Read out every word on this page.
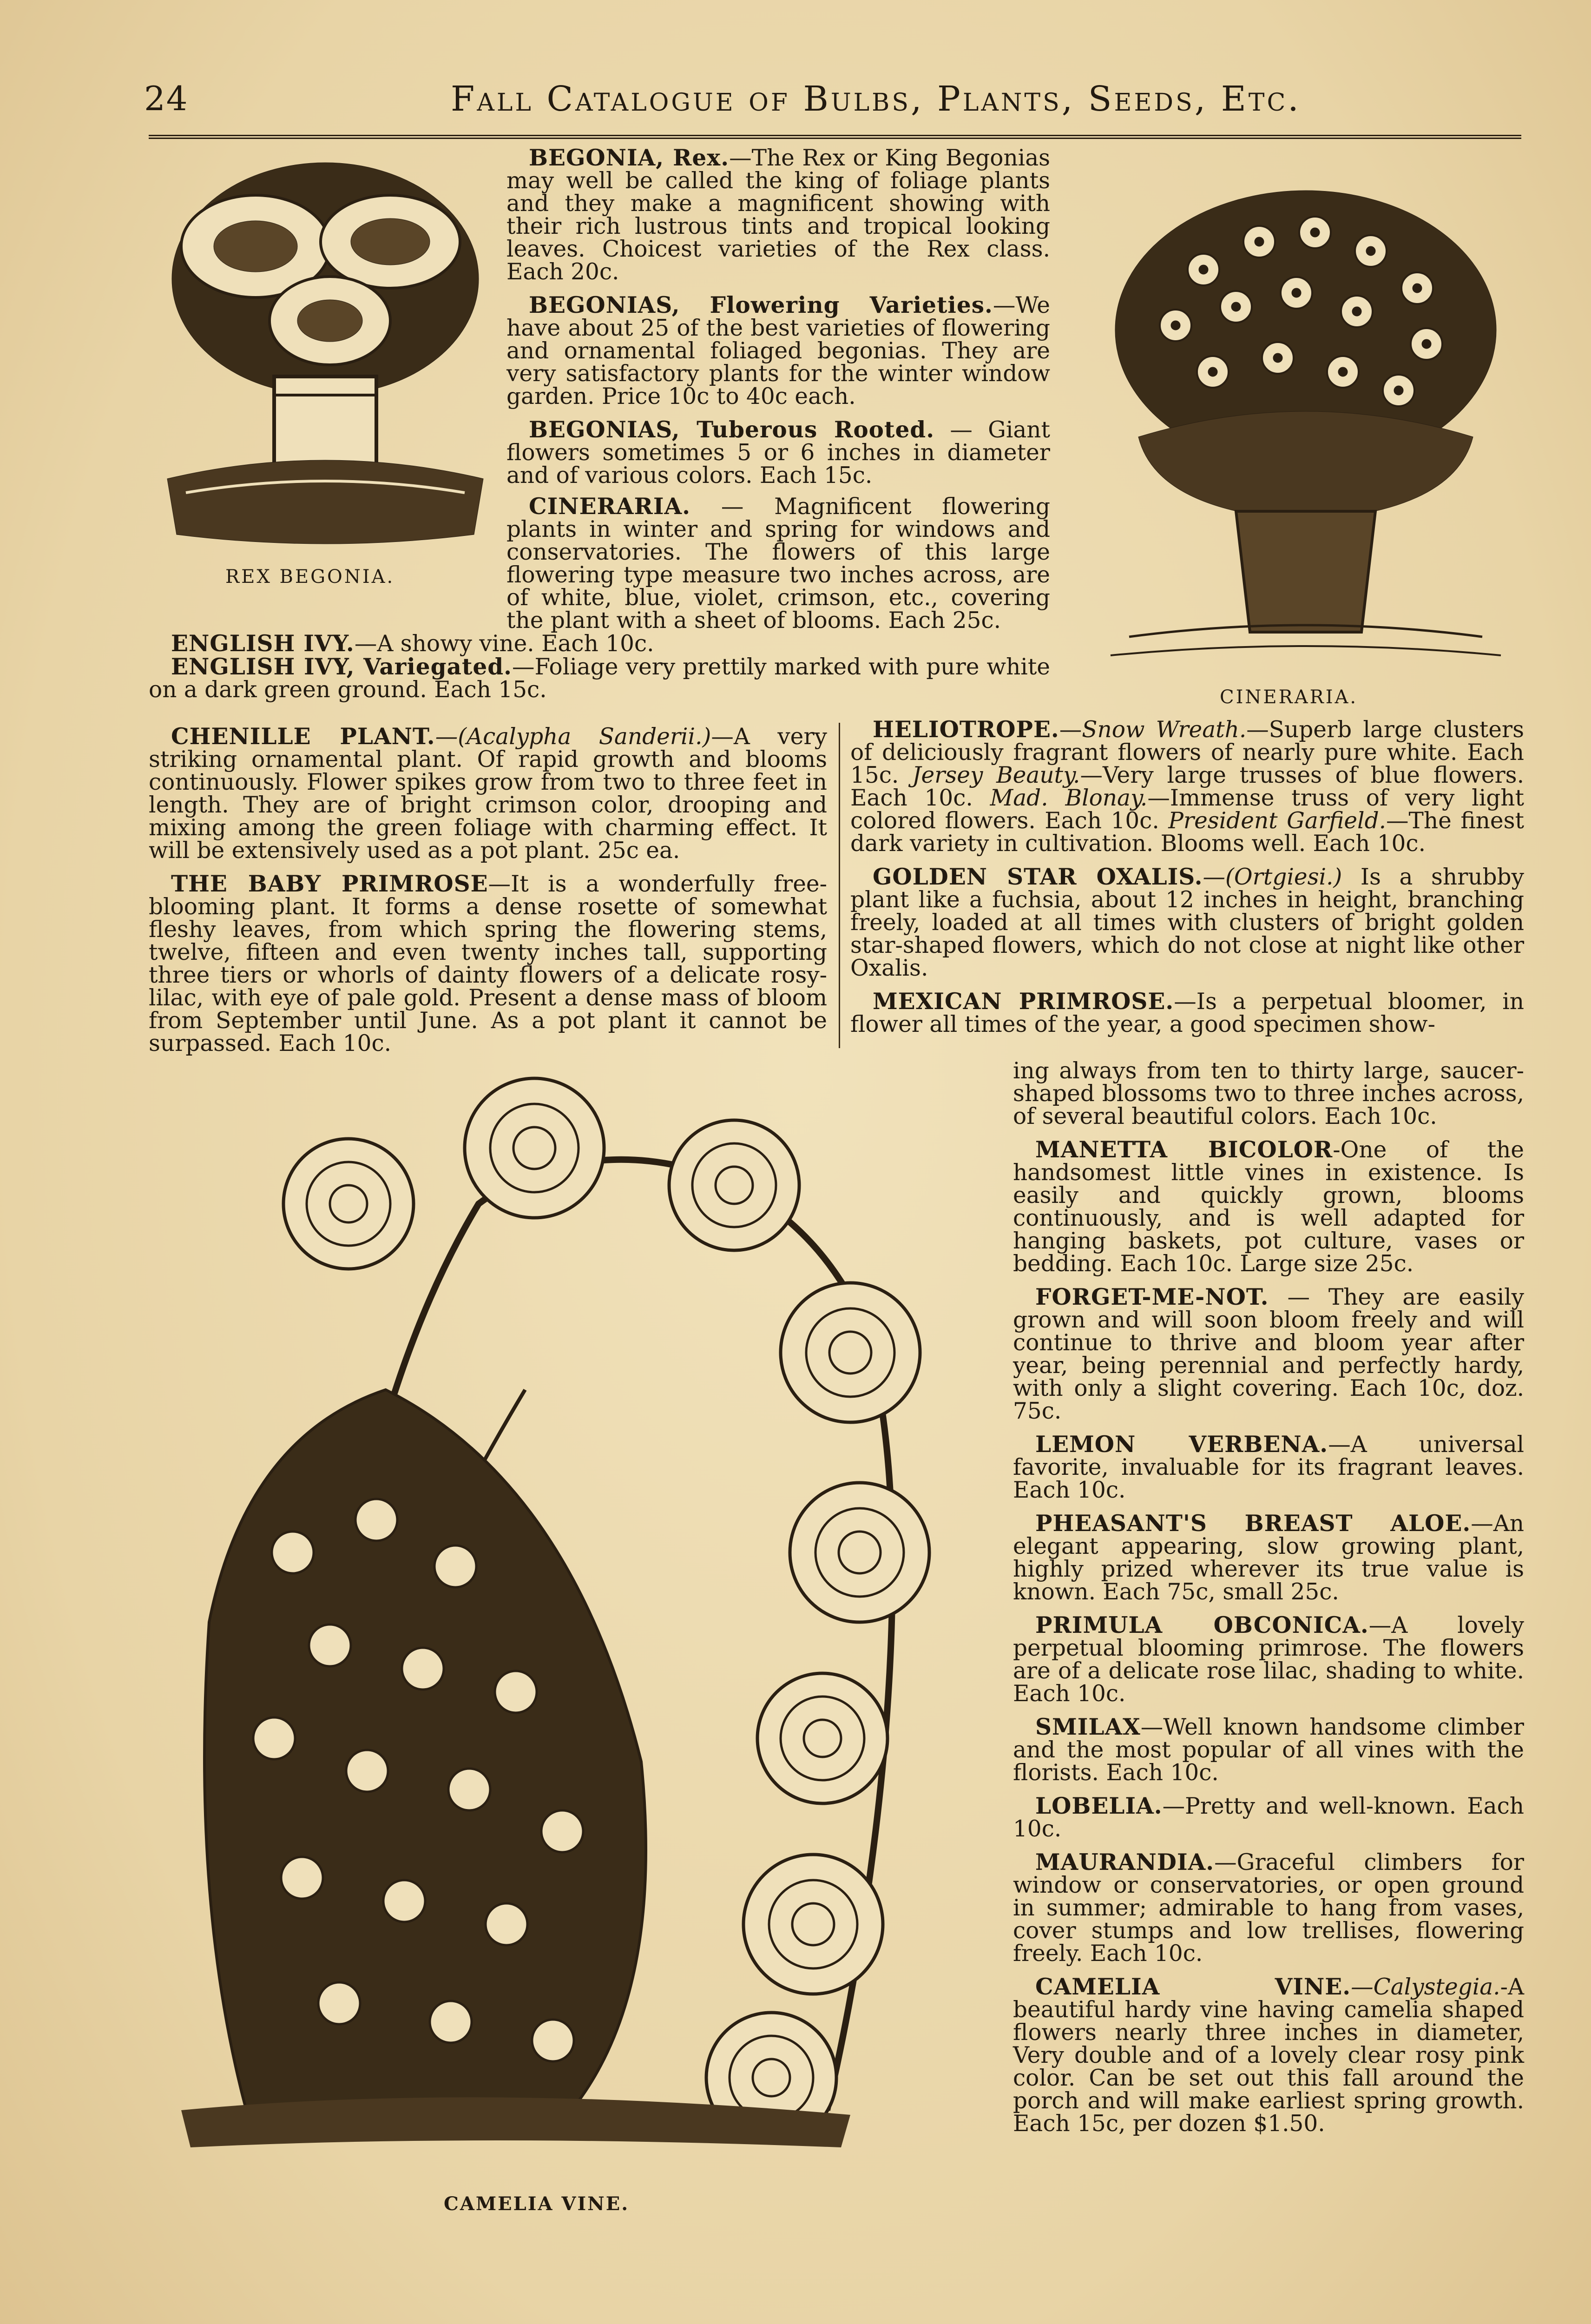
24	Fall Catalogue of Bulbs, Plants, Seeds, Etc.
REX BEGONIA.
CINERARIA.

BEGONIA, Rex.—The Rex or King Begonias may well be called the king of foliage plants and they make a magnificent showing with their rich lustrous tints and tropical looking leaves. Choicest varieties of the Rex class. Each 20c.

BEGONIAS, Flowering Varieties.—We have about 25 of the best varieties of flowering and ornamental foliaged begonias. They are very satisfactory plants for the winter window garden. Price 10c to 40c each.

BEGONIAS, Tuberous Rooted. — Giant flowers sometimes 5 or 6 inches in diameter and of various colors. Each 15c.

CINERARIA. — Magnificent flowering plants in winter and spring for windows and conservatories. The flowers of this large flowering type measure two inches across, are of white, blue, violet, crimson, etc., covering the plant with a sheet of blooms. Each 25c.

ENGLISH IVY.—A showy vine. Each 10c.

ENGLISH IVY, Variegated.—Foliage very prettily marked with pure white on a dark green ground. Each 15c.

CHENILLE PLANT.—(Acalypha Sanderii.)—A very striking ornamental plant. Of rapid growth and blooms continuously. Flower spikes grow from two to three feet in length. They are of bright crimson color, drooping and mixing among the green foliage with charming effect. It will be extensively used as a pot plant. 25c ea.

THE BABY PRIMROSE—It is a wonderfully free-blooming plant. It forms a dense rosette of somewhat fleshy leaves, from which spring the flowering stems, twelve, fifteen and even twenty inches tall, supporting three tiers or whorls of dainty flowers of a delicate rosy-lilac, with eye of pale gold. Present a dense mass of bloom from September until June. As a pot plant it cannot be surpassed. Each 10c.

HELIOTROPE.—Snow Wreath.—Superb large clusters of deliciously fragrant flowers of nearly pure white. Each 15c. Jersey Beauty.—Very large trusses of blue flowers. Each 10c. Mad. Blonay.—Immense truss of very light colored flowers. Each 10c. President Garfield.—The finest dark variety in cultivation. Blooms well. Each 10c.

GOLDEN STAR OXALIS.—(Ortgiesi.) Is a shrubby plant like a fuchsia, about 12 inches in height, branching freely, loaded at all times with clusters of bright golden star-shaped flowers, which do not close at night like other Oxalis.

MEXICAN PRIMROSE.—Is a perpetual bloomer, in flower all times of the year, a good specimen show-

CAMELIA VINE.

ing always from ten to thirty large, saucer-shaped blossoms two to three inches across, of several beautiful colors. Each 10c.

MANETTA BICOLOR-One of the handsomest little vines in existence. Is easily and quickly grown, blooms continuously, and is well adapted for hanging baskets, pot culture, vases or bedding. Each 10c. Large size 25c.

FORGET-ME-NOT. — They are easily grown and will soon bloom freely and will continue to thrive and bloom year after year, being perennial and perfectly hardy, with only a slight covering. Each 10c, doz. 75c.

LEMON VERBENA.—A universal favorite, invaluable for its fragrant leaves. Each 10c.

PHEASANT'S BREAST ALOE.—An elegant appearing, slow growing plant, highly prized wherever its true value is known. Each 75c, small 25c.

PRIMULA OBCONICA.—A lovely perpetual blooming primrose. The flowers are of a delicate rose lilac, shading to white. Each 10c.

SMILAX—Well known handsome climber and the most popular of all vines with the florists. Each 10c.

LOBELIA.—Pretty and well-known. Each 10c.

MAURANDIA.—Graceful climbers for window or conservatories, or open ground in summer; admirable to hang from vases, cover stumps and low trellises, flowering freely. Each 10c.

CAMELIA VINE.—Calystegia.-A beautiful hardy vine having camelia shaped flowers nearly three inches in diameter, Very double and of a lovely clear rosy pink color. Can be set out this fall around the porch and will make earliest spring growth. Each 15c, per dozen $1.50.
